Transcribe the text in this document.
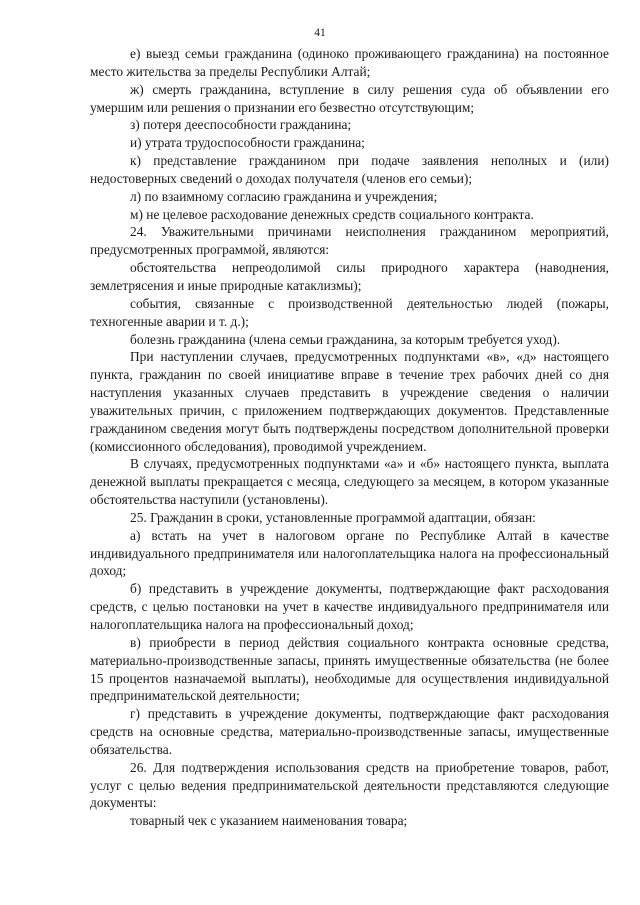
41

е) выезд семьи гражданина (одиноко проживающего гражданина) на постоянное место жительства за пределы Республики Алтай;

ж) смерть гражданина, вступление в силу решения суда об объявлении его умершим или решения о признании его безвестно отсутствующим;

з) потеря дееспособности гражданина;

и) утрата трудоспособности гражданина;

к) представление гражданином при подаче заявления неполных и (или) недостоверных сведений о доходах получателя (членов его семьи);

л) по взаимному согласию гражданина и учреждения;

м) не целевое расходование денежных средств социального контракта.

24. Уважительными причинами неисполнения гражданином мероприятий, предусмотренных программой, являются:

обстоятельства непреодолимой силы природного характера (наводнения, землетрясения и иные природные катаклизмы);

события, связанные с производственной деятельностью людей (пожары, техногенные аварии и т. д.);

болезнь гражданина (члена семьи гражданина, за которым требуется уход).

При наступлении случаев, предусмотренных подпунктами «в», «д» настоящего пункта, гражданин по своей инициативе вправе в течение трех рабочих дней со дня наступления указанных случаев представить в учреждение сведения о наличии уважительных причин, с приложением подтверждающих документов. Представленные гражданином сведения могут быть подтверждены посредством дополнительной проверки (комиссионного обследования), проводимой учреждением.

В случаях, предусмотренных подпунктами «а» и «б» настоящего пункта, выплата денежной выплаты прекращается с месяца, следующего за месяцем, в котором указанные обстоятельства наступили (установлены).

25. Гражданин в сроки, установленные программой адаптации, обязан:

а) встать на учет в налоговом органе по Республике Алтай в качестве индивидуального предпринимателя или налогоплательщика налога на профессиональный доход;

б) представить в учреждение документы, подтверждающие факт расходования средств, с целью постановки на учет в качестве индивидуального предпринимателя или налогоплательщика налога на профессиональный доход;

в) приобрести в период действия социального контракта основные средства, материально-производственные запасы, принять имущественные обязательства (не более 15 процентов назначаемой выплаты), необходимые для осуществления индивидуальной предпринимательской деятельности;

г) представить в учреждение документы, подтверждающие факт расходования средств на основные средства, материально-производственные запасы, имущественные обязательства.

26. Для подтверждения использования средств на приобретение товаров, работ, услуг с целью ведения предпринимательской деятельности представляются следующие документы:

товарный чек с указанием наименования товара;
